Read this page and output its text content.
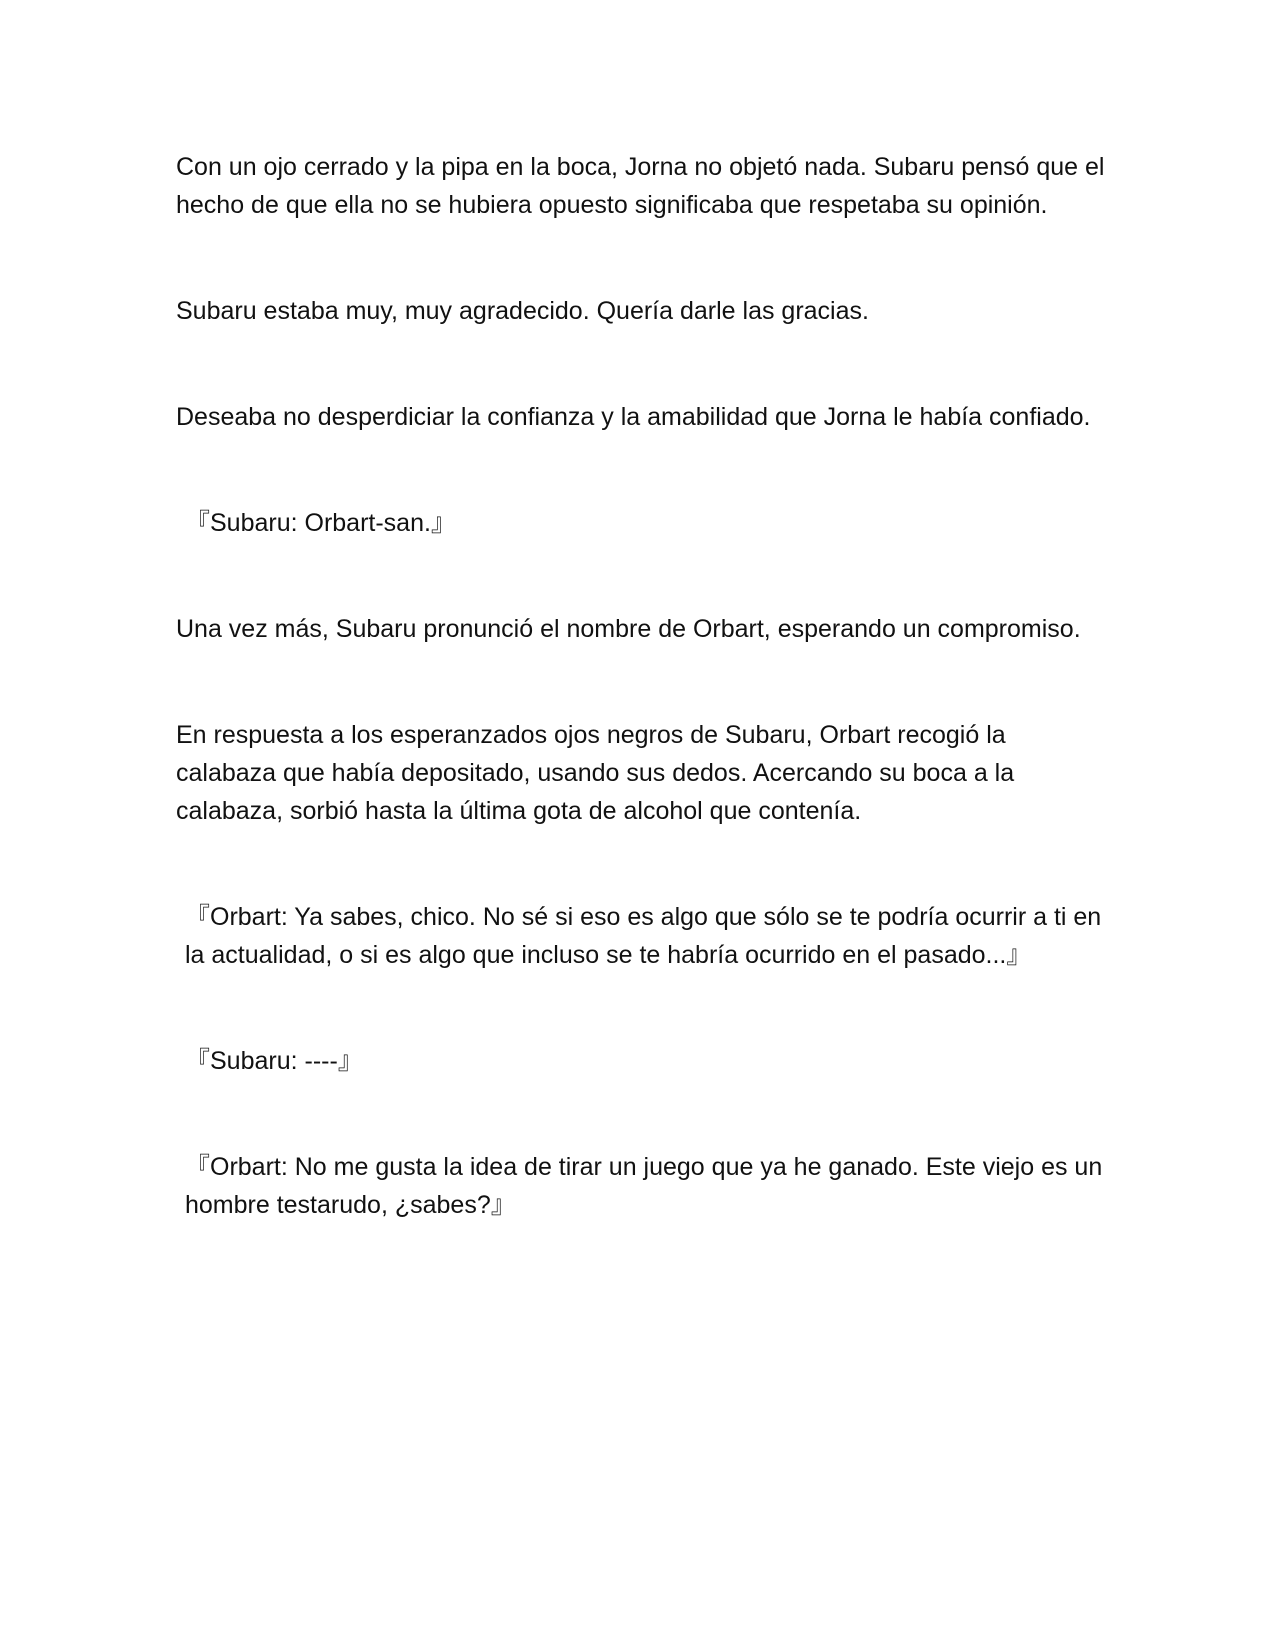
Con un ojo cerrado y la pipa en la boca, Jorna no objetó nada. Subaru pensó que el hecho de que ella no se hubiera opuesto significaba que respetaba su opinión.

Subaru estaba muy, muy agradecido. Quería darle las gracias.

Deseaba no desperdiciar la confianza y la amabilidad que Jorna le había confiado.

『Subaru: Orbart-san.』

Una vez más, Subaru pronunció el nombre de Orbart, esperando un compromiso.

En respuesta a los esperanzados ojos negros de Subaru, Orbart recogió la calabaza que había depositado, usando sus dedos. Acercando su boca a la calabaza, sorbió hasta la última gota de alcohol que contenía.

『Orbart: Ya sabes, chico. No sé si eso es algo que sólo se te podría ocurrir a ti en la actualidad, o si es algo que incluso se te habría ocurrido en el pasado...』

『Subaru: ----』

『Orbart: No me gusta la idea de tirar un juego que ya he ganado. Este viejo es un hombre testarudo, ¿sabes?』
